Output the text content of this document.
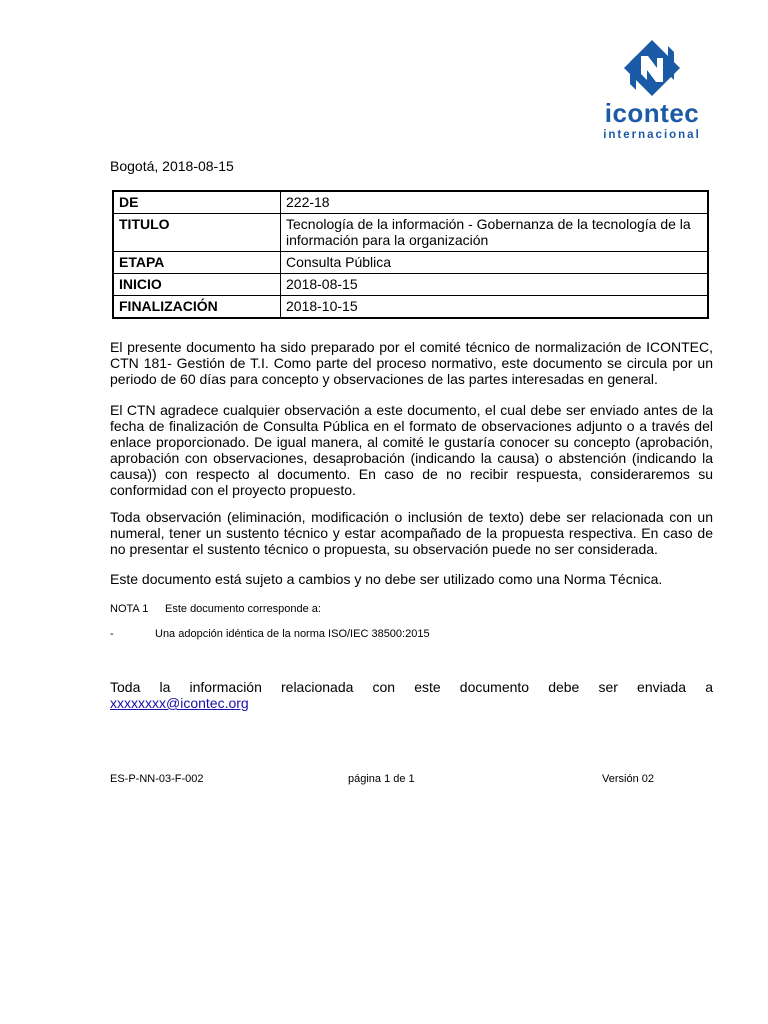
icontec
internacional
Bogotá, 2018-08-15
DE	222-18
TITULO	Tecnología de la información - Gobernanza de la tecnología de la información para la organización
ETAPA	Consulta Pública
INICIO	2018-08-15
FINALIZACIÓN	2018-10-15

El presente documento ha sido preparado por el comité técnico de normalización de ICONTEC, CTN 181- Gestión de T.I. Como parte del proceso normativo, este documento se circula por un periodo de 60 días para concepto y observaciones de las partes interesadas en general.

El CTN agradece cualquier observación a este documento, el cual debe ser enviado antes de la fecha de finalización de Consulta Pública en el formato de observaciones adjunto o a través del enlace proporcionado. De igual manera, al comité le gustaría conocer su concepto (aprobación, aprobación con observaciones, desaprobación (indicando la causa) o abstención (indicando la causa)) con respecto al documento. En caso de no recibir respuesta, consideraremos su conformidad con el proyecto propuesto.

Toda observación (eliminación, modificación o inclusión de texto) debe ser relacionada con un numeral, tener un sustento técnico y estar acompañado de la propuesta respectiva. En caso de no presentar el sustento técnico o propuesta, su observación puede no ser considerada.

Este documento está sujeto a cambios y no debe ser utilizado como una Norma Técnica.

NOTA 1 Este documento corresponde a:
-	Una adopción idéntica de la norma ISO/IEC 38500:2015
Toda la información relacionada con este documento debe ser enviada a
xxxxxxxx@icontec.org
ES-P-NN-03-F-002	página 1 de 1	Versión 02
